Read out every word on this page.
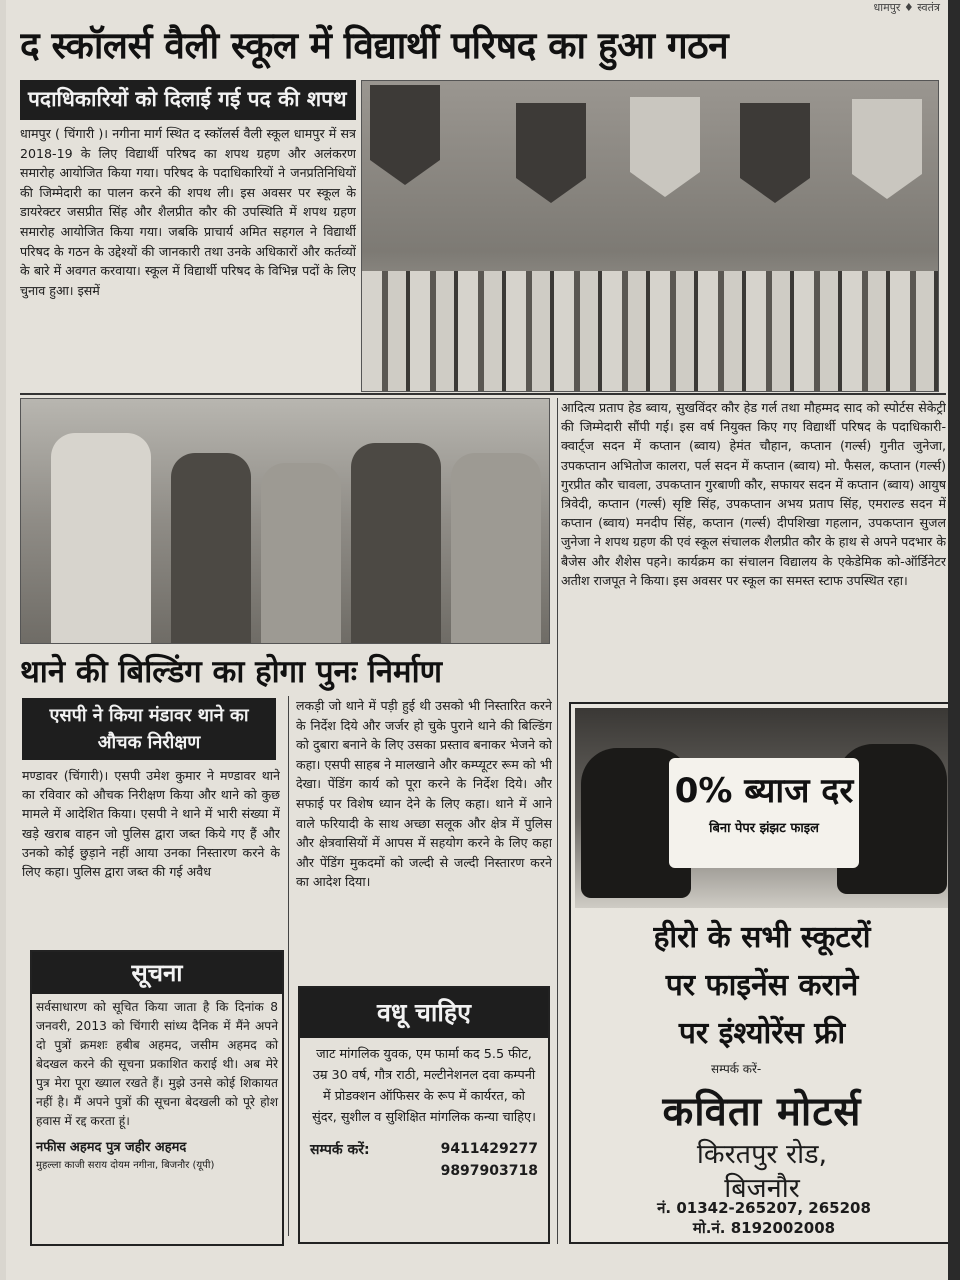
धामपुर ♦ स्वतंत्र
द स्कॉलर्स वैली स्कूल में विद्यार्थी परिषद का हुआ गठन
पदाधिकारियों को दिलाई गई पद की शपथ
धामपुर ( चिंगारी )। नगीना मार्ग स्थित द स्कॉलर्स वैली स्कूल धामपुर में सत्र 2018-19 के लिए विद्यार्थी परिषद का शपथ ग्रहण और अलंकरण समारोह आयोजित किया गया। परिषद के पदाधिकारियों ने जनप्रतिनिधियों की जिम्मेदारी का पालन करने की शपथ ली। इस अवसर पर स्कूल के डायरेक्टर जसप्रीत सिंह और शैलप्रीत कौर की उपस्थिति में शपथ ग्रहण समारोह आयोजित किया गया। जबकि प्राचार्य अमित सहगल ने विद्यार्थी परिषद के गठन के उद्देश्यों की जानकारी तथा उनके अधिकारों और कर्तव्यों के बारे में अवगत करवाया। स्कूल में विद्यार्थी परिषद के विभिन्न पदों के लिए चुनाव हुआ। इसमें
आदित्य प्रताप हेड ब्वाय, सुखविंदर कौर हेड गर्ल तथा मौहम्मद साद को स्पोर्टस सेकेट्री की जिम्मेदारी सौंपी गई। इस वर्ष नियुक्त किए गए विद्यार्थी परिषद के पदाधिकारी-क्वार्ट्ज सदन में कप्तान (ब्वाय) हेमंत चौहान, कप्तान (गर्ल्स) गुनीत जुनेजा, उपकप्तान अभितोज कालरा, पर्ल सदन में कप्तान (ब्वाय) मो. फैसल, कप्तान (गर्ल्स) गुरप्रीत कौर चावला, उपकप्तान गुरबाणी कौर, सफायर सदन में कप्तान (ब्वाय) आयुष त्रिवेदी, कप्तान (गर्ल्स) सृष्टि सिंह, उपकप्तान अभय प्रताप सिंह, एमराल्ड सदन में कप्तान (ब्वाय) मनदीप सिंह, कप्तान (गर्ल्स) दीपशिखा गहलान, उपकप्तान सुजल जुनेजा ने शपथ ग्रहण की एवं स्कूल संचालक शैलप्रीत कौर के हाथ से अपने पदभार के बैजेस और शैशेस पहने। कार्यक्रम का संचालन विद्यालय के एकेडेमिक को-ऑर्डिनेटर अतीश राजपूत ने किया। इस अवसर पर स्कूल का समस्त स्टाफ उपस्थित रहा।
थाने की बिल्डिंग का होगा पुनः निर्माण
एसपी ने किया मंडावर थाने का औचक निरीक्षण
मण्डावर (चिंगारी)। एसपी उमेश कुमार ने मण्डावर थाने का रविवार को औचक निरीक्षण किया और थाने को कुछ मामले में आदेशित किया। एसपी ने थाने में भारी संख्या में खड़े खराब वाहन जो पुलिस द्वारा जब्त किये गए हैं और उनको कोई छुड़ाने नहीं आया उनका निस्तारण करने के लिए कहा। पुलिस द्वारा जब्त की गई अवैध
लकड़ी जो थाने में पड़ी हुई थी उसको भी निस्तारित करने के निर्देश दिये और जर्जर हो चुके पुराने थाने की बिल्डिंग को दुबारा बनाने के लिए उसका प्रस्ताव बनाकर भेजने को कहा। एसपी साहब ने मालखाने और कम्प्यूटर रूम को भी देखा। पेंडिंग कार्य को पूरा करने के निर्देश दिये। और सफाई पर विशेष ध्यान देने के लिए कहा। थाने में आने वाले फरियादी के साथ अच्छा सलूक और क्षेत्र में पुलिस और क्षेत्रवासियों में आपस में सहयोग करने के लिए कहा और पेंडिंग मुकदमों को जल्दी से जल्दी निस्तारण करने का आदेश दिया।
सूचना
सर्वसाधारण को सूचित किया जाता है कि दिनांक 8 जनवरी, 2013 को चिंगारी सांध्य दैनिक में मैंने अपने दो पुत्रों क्रमशः हबीब अहमद, जसीम अहमद को बेदखल करने की सूचना प्रकाशित कराई थी। अब मेरे पुत्र मेरा पूरा ख्याल रखते हैं। मुझे उनसे कोई शिकायत नहीं है। मैं अपने पुत्रों की सूचना बेदखली को पूरे होश हवास में रद्द करता हूं।
नफीस अहमद पुत्र जहीर अहमद
मुहल्ला काजी सराय दोयम नगीना, बिजनौर (यूपी)
वधू चाहिए
जाट मांगलिक युवक, एम फार्मा कद 5.5 फीट, उम्र 30 वर्ष, गौत्र राठी, मल्टीनेशनल दवा कम्पनी में प्रोडक्शन ऑफिसर के रूप में कार्यरत, को सुंदर, सुशील व सुशिक्षित मांगलिक कन्या चाहिए।
सम्पर्क करें:	9411429277
9897903718
0% ब्याज दर
बिना पेपर झंझट फाइल
हीरो के सभी स्कूटरों
पर फाइनेंस कराने
पर इंश्योरेंस फ्री
सम्पर्क करें-
कविता मोटर्स
किरतपुर रोड,
बिजनौर
नं. 01342-265207, 265208
मो.नं. 8192002008
